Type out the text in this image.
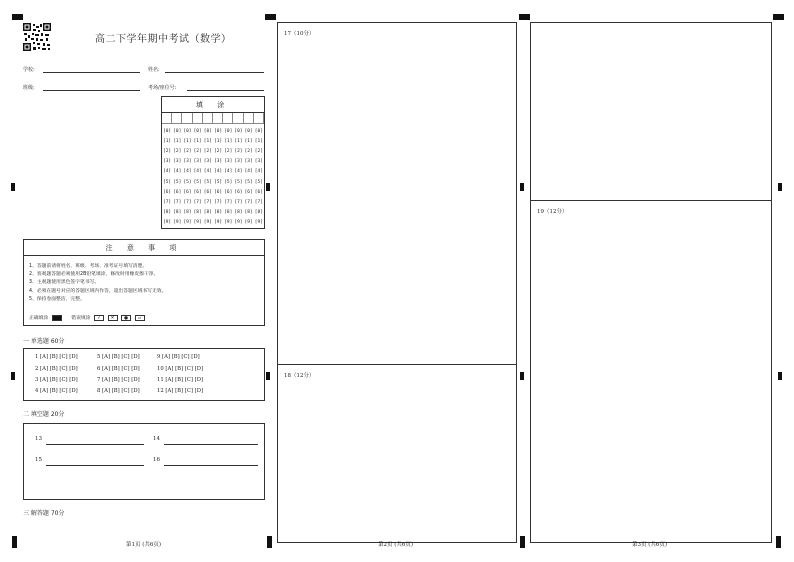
高二下学年期中考试（数学）
学校:	姓名:
班级:	考场/座位号:
填 涂
[0] [0] [0] [0] [0] [0] [0] [0] [0] [0]
[1] [1] [1] [1] [1] [1] [1] [1] [1] [1]
[2] [2] [2] [2] [2] [2] [2] [2] [2] [2]
[3] [3] [3] [3] [3] [3] [3] [3] [3] [3]
[4] [4] [4] [4] [4] [4] [4] [4] [4] [4]
[5] [5] [5] [5] [5] [5] [5] [5] [5] [5]
[6] [6] [6] [6] [6] [6] [6] [6] [6] [6]
[7] [7] [7] [7] [7] [7] [7] [7] [7] [7]
[8] [8] [8] [8] [8] [8] [8] [8] [8] [8]
[9] [9] [9] [9] [9] [9] [9] [9] [9] [9]
注 意 事 项
1、答题前请将姓名、班级、考场、准考证号填写清楚。
2、客观题答题必须使用2B铅笔填涂，修改时用橡皮擦干净。
3、主观题使用黑色签字笔书写。
4、必须在题号对应的答题区域内作答，超出答题区域书写无效。
5、保持卷面整洁、完整。
正确填涂	错误填涂 ✓ ✕ ● ▱
一 单选题 60分
1 [A] [B] [C] [D]	5 [A] [B] [C] [D]	9 [A] [B] [C] [D]
2 [A] [B] [C] [D]	6 [A] [B] [C] [D]	10 [A] [B] [C] [D]
3 [A] [B] [C] [D]	7 [A] [B] [C] [D]	11 [A] [B] [C] [D]
4 [A] [B] [C] [D]	8 [A] [B] [C] [D]	12 [A] [B] [C] [D]
二 填空题 20分
13	14
15	16
三 解答题 70分
第1页 (共6页)
17（10分）
18（12分）
第2页 (共6页)
19（12分）
第3页 (共6页)
